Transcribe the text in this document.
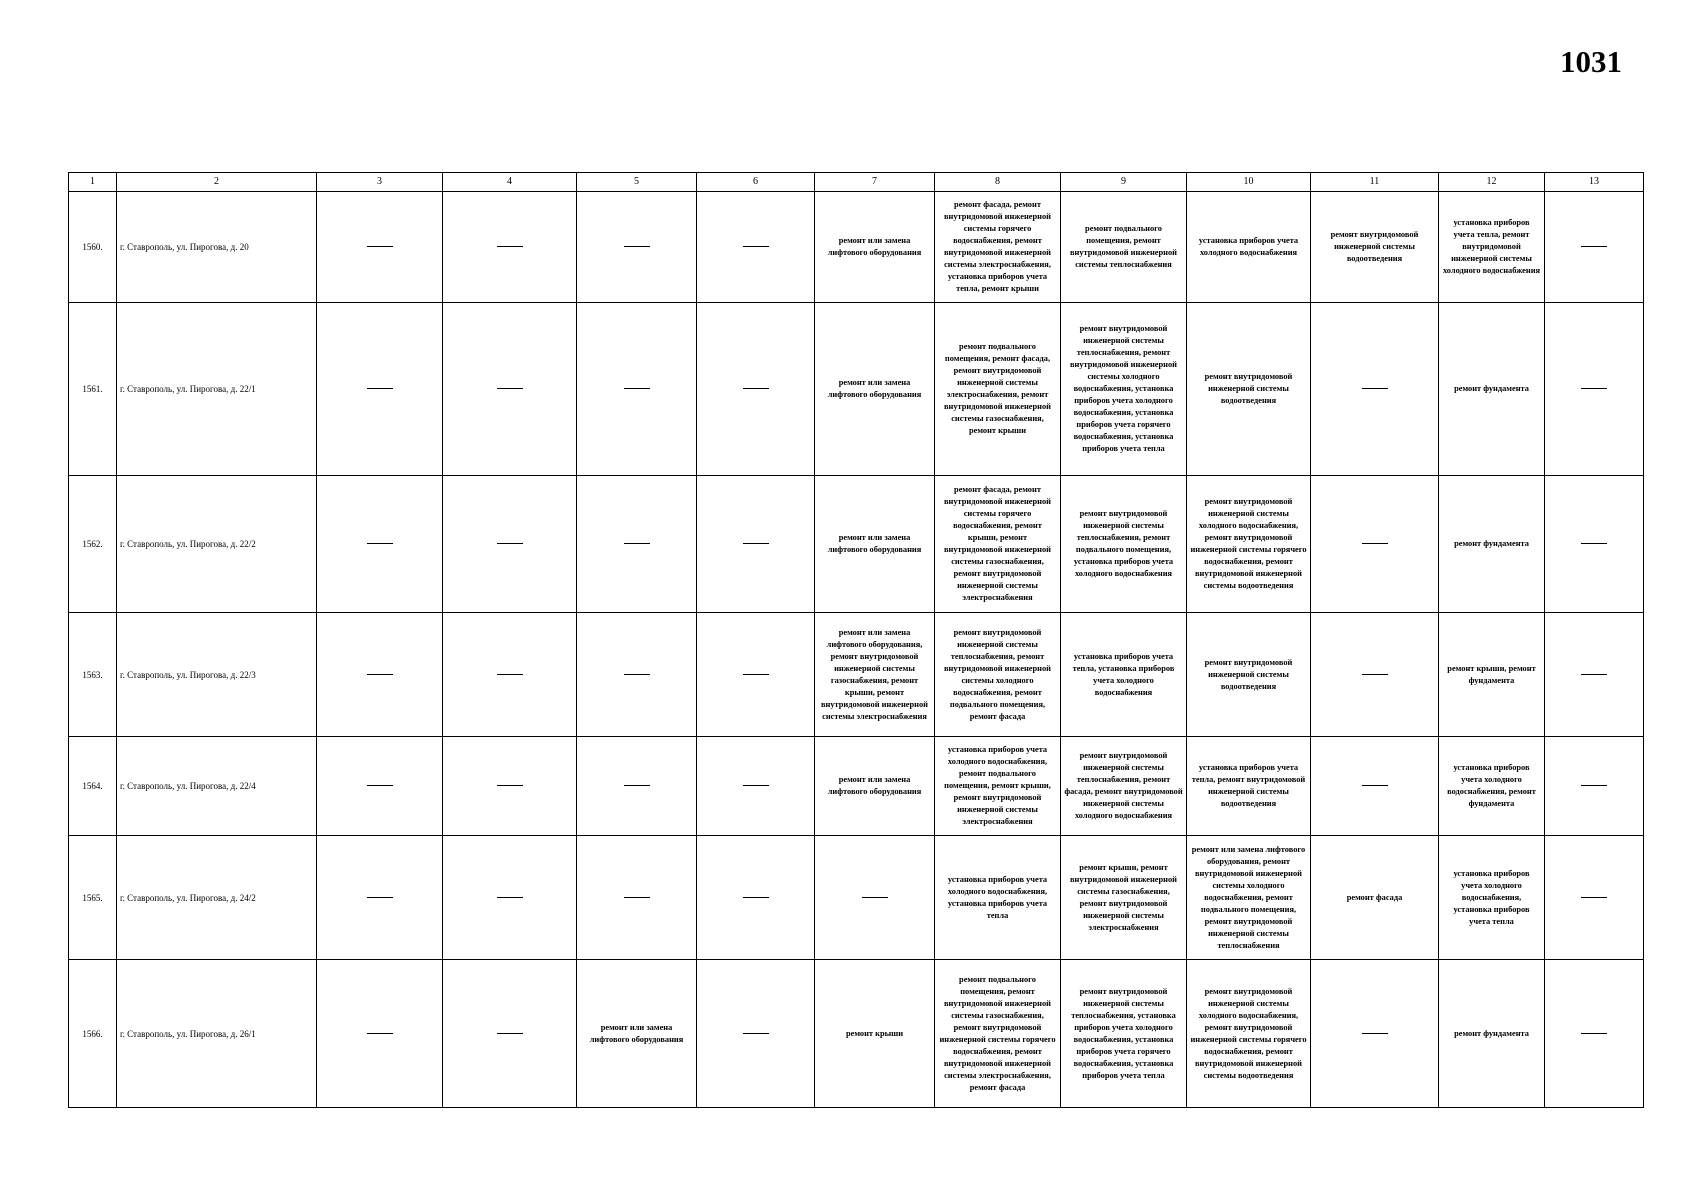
1031
1	2	3	4	5	6	7	8	9	10	11	12	13
1560.	г. Ставрополь, ул. Пирогова, д. 20					ремонт или замена лифтового оборудования	ремонт фасада, ремонт внутридомовой инженерной системы горячего водоснабжения, ремонт внутридомовой инженерной системы электроснабжения, установка приборов учета тепла, ремонт крыши	ремонт подвального помещения, ремонт внутридомовой инженерной системы теплоснабжения	установка приборов учета холодного водоснабжения	ремонт внутридомовой инженерной системы водоотведения	установка приборов учета тепла, ремонт внутридомовой инженерной системы холодного водоснабжения	
1561.	г. Ставрополь, ул. Пирогова, д. 22/1					ремонт или замена лифтового оборудования	ремонт подвального помещения, ремонт фасада, ремонт внутридомовой инженерной системы электроснабжения, ремонт внутридомовой инженерной системы газоснабжения, ремонт крыши	ремонт внутридомовой инженерной системы теплоснабжения, ремонт внутридомовой инженерной системы холодного водоснабжения, установка приборов учета холодного водоснабжения, установка приборов учета горячего водоснабжения, установка приборов учета тепла	ремонт внутридомовой инженерной системы водоотведения		ремонт фундамента	
1562.	г. Ставрополь, ул. Пирогова, д. 22/2					ремонт или замена лифтового оборудования	ремонт фасада, ремонт внутридомовой инженерной системы горячего водоснабжения, ремонт крыши, ремонт внутридомовой инженерной системы газоснабжения, ремонт внутридомовой инженерной системы электроснабжения	ремонт внутридомовой инженерной системы теплоснабжения, ремонт подвального помещения, установка приборов учета холодного водоснабжения	ремонт внутридомовой инженерной системы холодного водоснабжения, ремонт внутридомовой инженерной системы горячего водоснабжения, ремонт внутридомовой инженерной системы водоотведения		ремонт фундамента	
1563.	г. Ставрополь, ул. Пирогова, д. 22/3					ремонт или замена лифтового оборудования, ремонт внутридомовой инженерной системы газоснабжения, ремонт крыши, ремонт внутридомовой инженерной системы электроснабжения	ремонт внутридомовой инженерной системы теплоснабжения, ремонт внутридомовой инженерной системы холодного водоснабжения, ремонт подвального помещения, ремонт фасада	установка приборов учета тепла, установка приборов учета холодного водоснабжения	ремонт внутридомовой инженерной системы водоотведения		ремонт крыши, ремонт фундамента	
1564.	г. Ставрополь, ул. Пирогова, д. 22/4					ремонт или замена лифтового оборудования	установка приборов учета холодного водоснабжения, ремонт подвального помещения, ремонт крыши, ремонт внутридомовой инженерной системы электроснабжения	ремонт внутридомовой инженерной системы теплоснабжения, ремонт фасада, ремонт внутридомовой инженерной системы холодного водоснабжения	установка приборов учета тепла, ремонт внутридомовой инженерной системы водоотведения		установка приборов учета холодного водоснабжения, ремонт фундамента	
1565.	г. Ставрополь, ул. Пирогова, д. 24/2						установка приборов учета холодного водоснабжения, установка приборов учета тепла	ремонт крыши, ремонт внутридомовой инженерной системы газоснабжения, ремонт внутридомовой инженерной системы электроснабжения	ремонт или замена лифтового оборудования, ремонт внутридомовой инженерной системы холодного водоснабжения, ремонт подвального помещения, ремонт внутридомовой инженерной системы теплоснабжения	ремонт фасада	установка приборов учета холодного водоснабжения, установка приборов учета тепла	
1566.	г. Ставрополь, ул. Пирогова, д. 26/1			ремонт или замена лифтового оборудования		ремонт крыши	ремонт подвального помещения, ремонт внутридомовой инженерной системы газоснабжения, ремонт внутридомовой инженерной системы горячего водоснабжения, ремонт внутридомовой инженерной системы электроснабжения, ремонт фасада	ремонт внутридомовой инженерной системы теплоснабжения, установка приборов учета холодного водоснабжения, установка приборов учета горячего водоснабжения, установка приборов учета тепла	ремонт внутридомовой инженерной системы холодного водоснабжения, ремонт внутридомовой инженерной системы горячего водоснабжения, ремонт внутридомовой инженерной системы водоотведения		ремонт фундамента	
